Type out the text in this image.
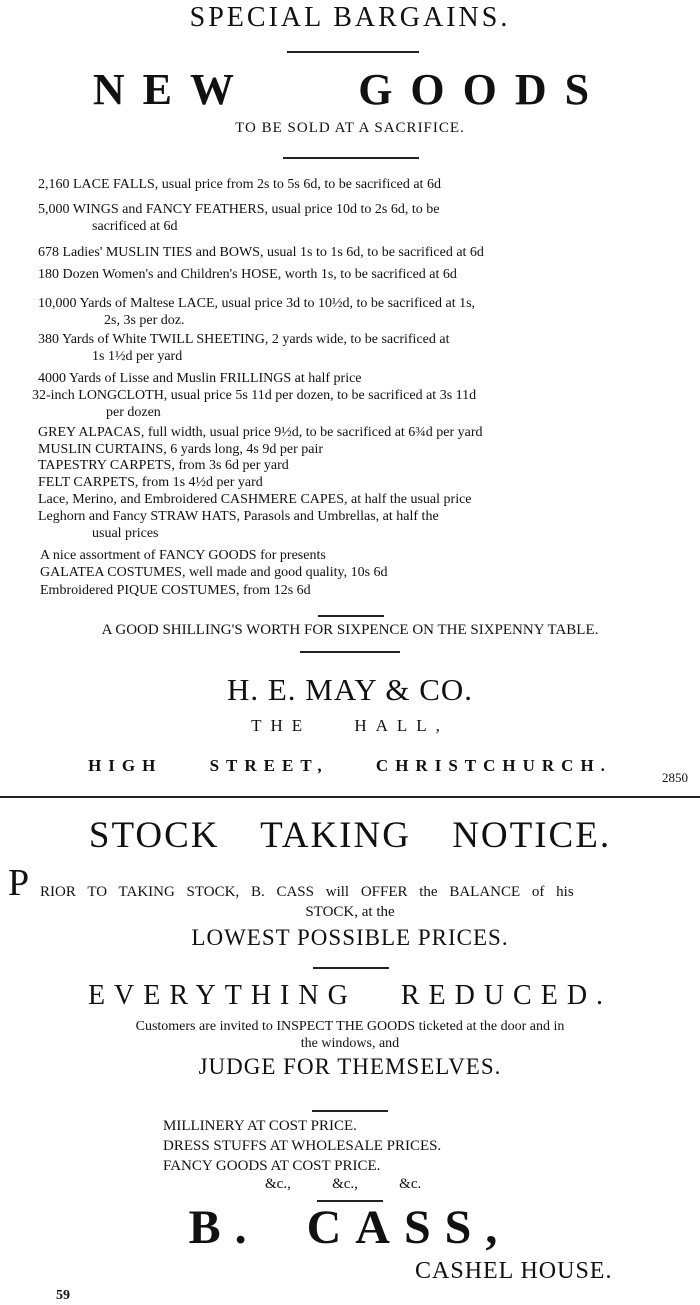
SPECIAL BARGAINS.
NEW GOODS
TO BE SOLD AT A SACRIFICE.
2,160 LACE FALLS, usual price from 2s to 5s 6d, to be sacrificed at 6d
5,000 WINGS and FANCY FEATHERS, usual price 10d to 2s 6d, to be
sacrificed at 6d
678 Ladies' MUSLIN TIES and BOWS, usual 1s to 1s 6d, to be sacrificed at 6d
180 Dozen Women's and Children's HOSE, worth 1s, to be sacrificed at 6d
10,000 Yards of Maltese LACE, usual price 3d to 10½d, to be sacrificed at 1s,
2s, 3s per doz.
380 Yards of White TWILL SHEETING, 2 yards wide, to be sacrificed at
1s 1½d per yard
4000 Yards of Lisse and Muslin FRILLINGS at half price
32-inch LONGCLOTH, usual price 5s 11d per dozen, to be sacrificed at 3s 11d
per dozen
GREY ALPACAS, full width, usual price 9½d, to be sacrificed at 6¾d per yard
MUSLIN CURTAINS, 6 yards long, 4s 9d per pair
TAPESTRY CARPETS, from 3s 6d per yard
FELT CARPETS, from 1s 4½d per yard
Lace, Merino, and Embroidered CASHMERE CAPES, at half the usual price
Leghorn and Fancy STRAW HATS, Parasols and Umbrellas, at half the
usual prices
A nice assortment of FANCY GOODS for presents
GALATEA COSTUMES, well made and good quality, 10s 6d
Embroidered PIQUE COSTUMES, from 12s 6d
A GOOD SHILLING'S WORTH FOR SIXPENCE ON THE SIXPENNY TABLE.
H. E. MAY & CO.
THE HALL,
HIGH STREET, CHRISTCHURCH.
2850
STOCK TAKING NOTICE.
P RIOR TO TAKING STOCK, B. CASS will OFFER the BALANCE of his
STOCK, at the
LOWEST POSSIBLE PRICES.
EVERYTHING REDUCED.
Customers are invited to INSPECT THE GOODS ticketed at the door and in
the windows, and
JUDGE FOR THEMSELVES.
MILLINERY AT COST PRICE.
DRESS STUFFS AT WHOLESALE PRICES.
FANCY GOODS AT COST PRICE.
&c.,           &c.,           &c.
B. CASS,
CASHEL HOUSE.
59
